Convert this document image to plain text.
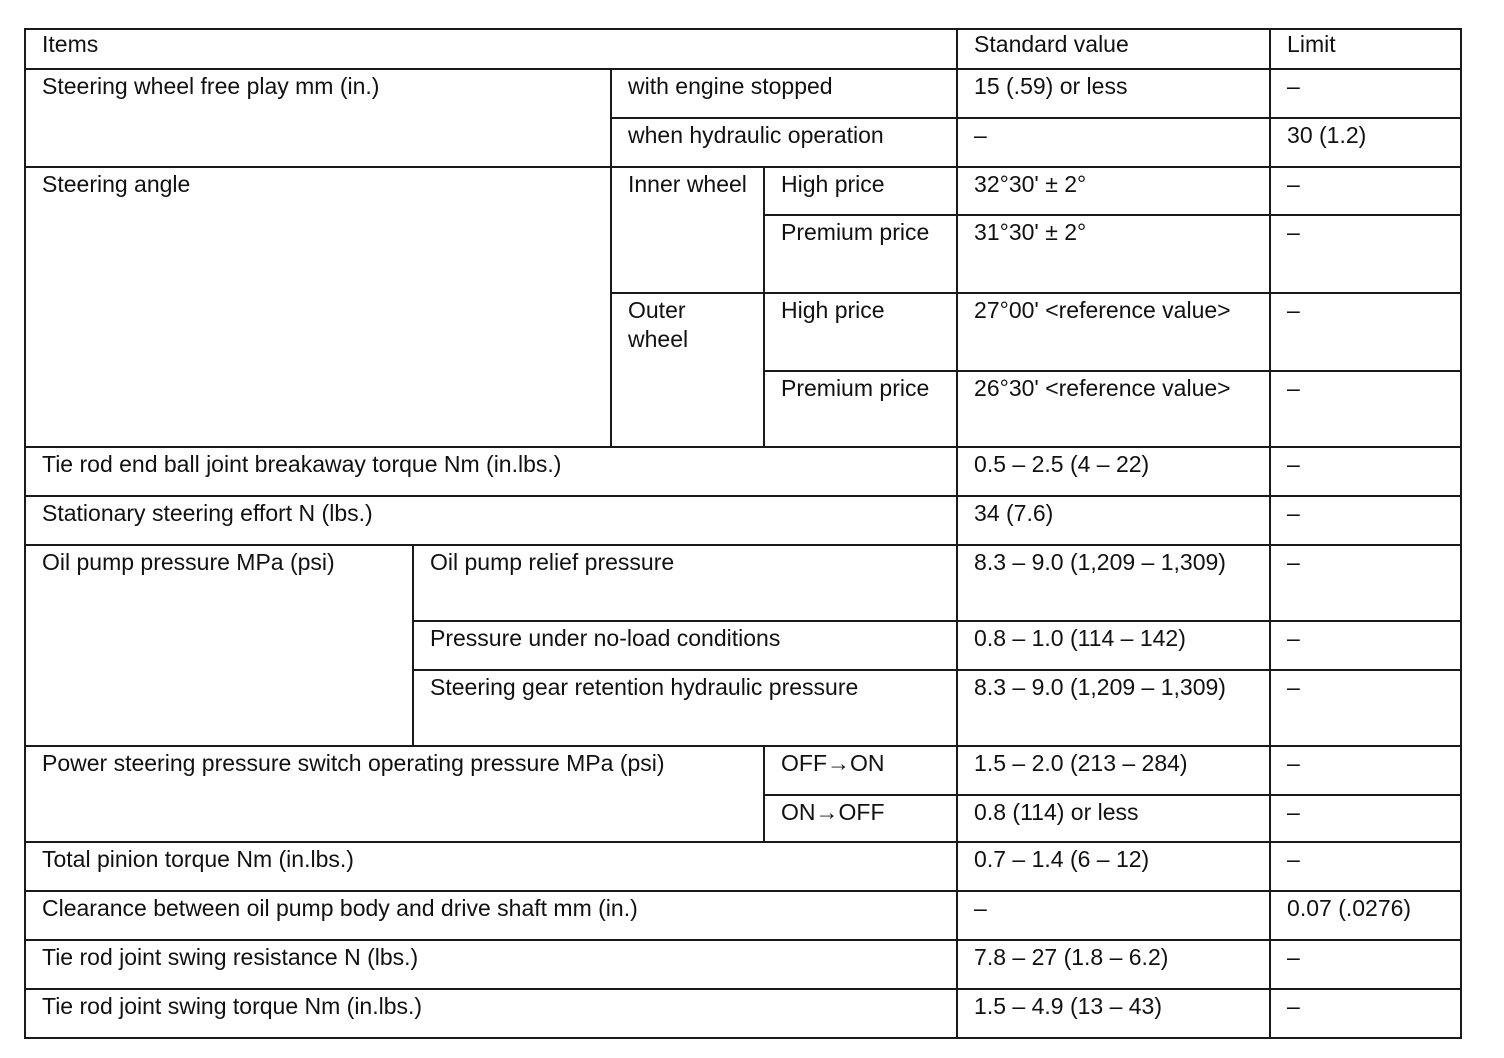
Items				Standard value	Limit
Steering wheel free play mm (in.)		with engine stopped		15 (.59) or less	–
		when hydraulic operation		–	30 (1.2)
Steering angle		Inner wheel	High price	32°30' ± 2°	–
			Premium price	31°30' ± 2°	–
		Outer wheel	High price	27°00' <reference value>	–
			Premium price	26°30' <reference value>	–
Tie rod end ball joint breakaway torque Nm (in.lbs.)				0.5 – 2.5 (4 – 22)	–
Stationary steering effort N (lbs.)				34 (7.6)	–
Oil pump pressure MPa (psi)	Oil pump relief pressure			8.3 – 9.0 (1,209 – 1,309)	–
	Pressure under no-load conditions			0.8 – 1.0 (114 – 142)	–
	Steering gear retention hydraulic pressure			8.3 – 9.0 (1,209 – 1,309)	–
Power steering pressure switch operating pressure MPa (psi)			OFF→ON	1.5 – 2.0 (213 – 284)	–
			ON→OFF	0.8 (114) or less	–
Total pinion torque Nm (in.lbs.)				0.7 – 1.4 (6 – 12)	–
Clearance between oil pump body and drive shaft mm (in.)				–	0.07 (.0276)
Tie rod joint swing resistance N (lbs.)				7.8 – 27 (1.8 – 6.2)	–
Tie rod joint swing torque Nm (in.lbs.)				1.5 – 4.9 (13 – 43)	–
